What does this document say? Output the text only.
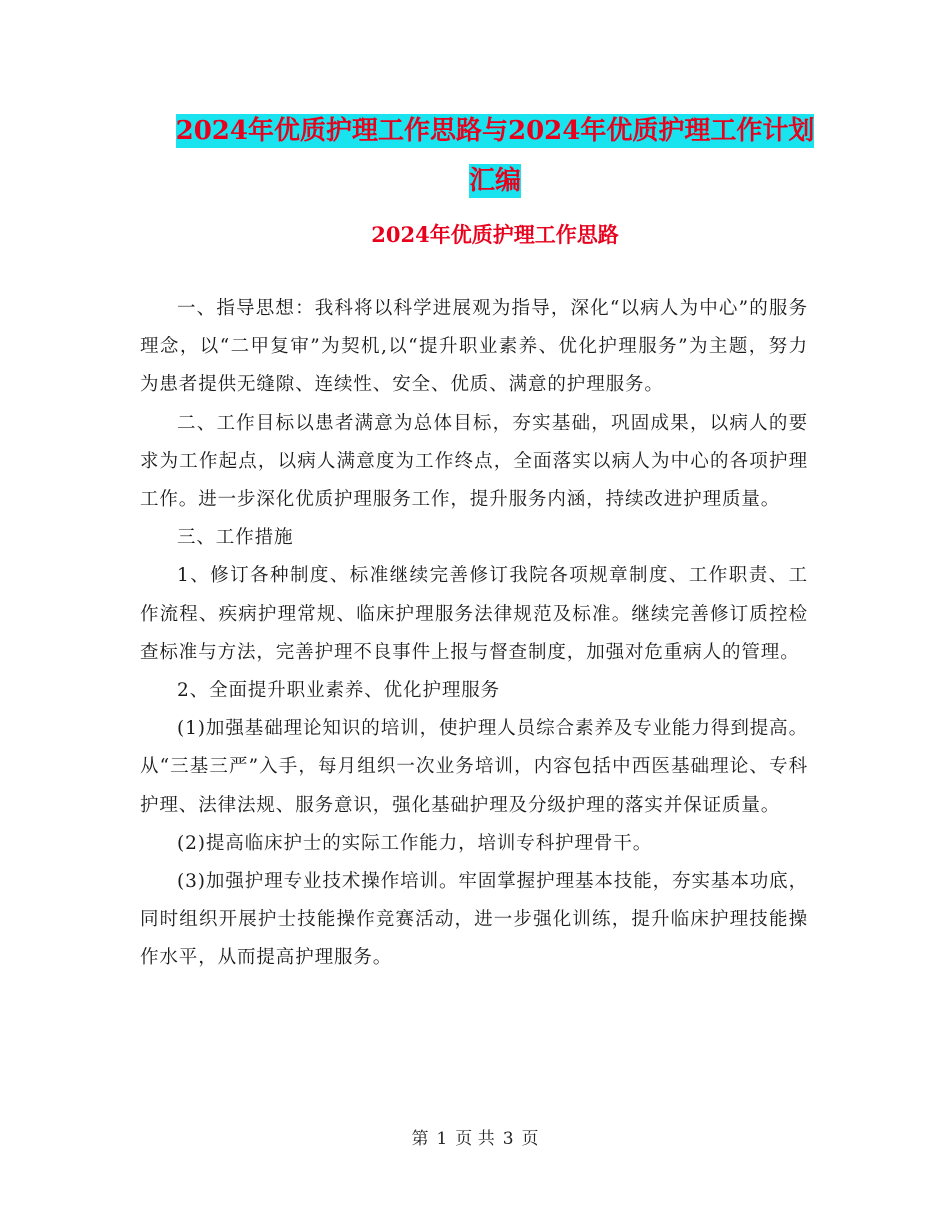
2024年优质护理工作思路与2024年优质护理工作计划
汇编
2024年优质护理工作思路

一、指导思想：我科将以科学进展观为指导，深化“以病人为中心”的服务理念，以“二甲复审”为契机,以“提升职业素养、优化护理服务”为主题，努力为患者提供无缝隙、连续性、安全、优质、满意的护理服务。

二、工作目标以患者满意为总体目标，夯实基础，巩固成果，以病人的要求为工作起点，以病人满意度为工作终点，全面落实以病人为中心的各项护理工作。进一步深化优质护理服务工作，提升服务内涵，持续改进护理质量。

三、工作措施

1、修订各种制度、标准继续完善修订我院各项规章制度、工作职责、工作流程、疾病护理常规、临床护理服务法律规范及标准。继续完善修订质控检查标准与方法，完善护理不良事件上报与督查制度，加强对危重病人的管理。

2、全面提升职业素养、优化护理服务

(1)加强基础理论知识的培训，使护理人员综合素养及专业能力得到提高。从“三基三严”入手，每月组织一次业务培训，内容包括中西医基础理论、专科护理、法律法规、服务意识，强化基础护理及分级护理的落实并保证质量。

(2)提高临床护士的实际工作能力，培训专科护理骨干。

(3)加强护理专业技术操作培训。牢固掌握护理基本技能，夯实基本功底，同时组织开展护士技能操作竞赛活动，进一步强化训练，提升临床护理技能操作水平，从而提高护理服务。

第 1 页 共 3 页
